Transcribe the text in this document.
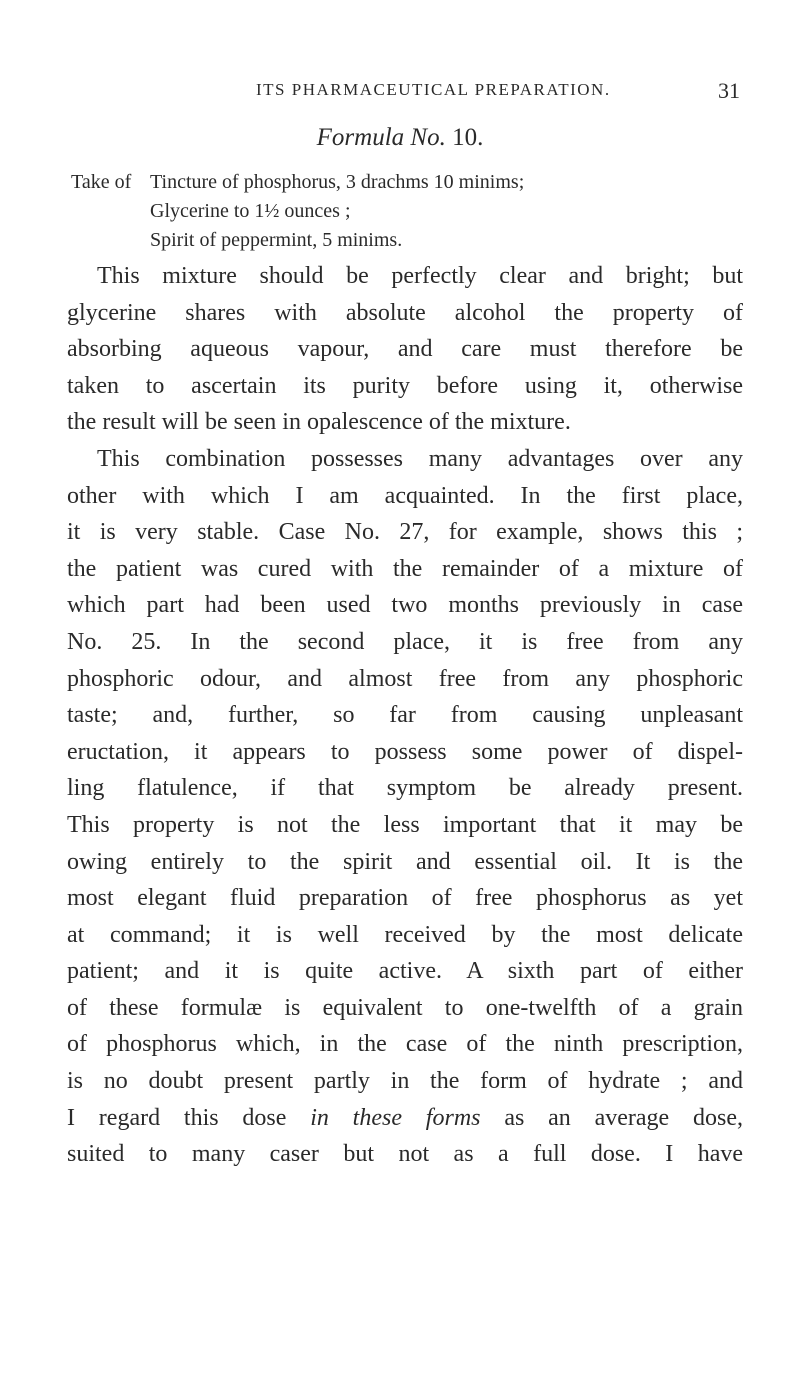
ITS PHARMACEUTICAL PREPARATION.	31
Formula No. 10.
Take of Tincture of phosphorus, 3 drachms 10 minims;
Glycerine to 1½ ounces ;
Spirit of peppermint, 5 minims.
This mixture should be perfectly clear and bright; but
glycerine shares with absolute alcohol the property of
absorbing aqueous vapour, and care must therefore be
taken to ascertain its purity before using it, otherwise
the result will be seen in opalescence of the mixture.
This combination possesses many advantages over any
other with which I am acquainted. In the first place,
it is very stable. Case No. 27, for example, shows this ;
the patient was cured with the remainder of a mixture of
which part had been used two months previously in case
No. 25. In the second place, it is free from any
phosphoric odour, and almost free from any phosphoric
taste; and, further, so far from causing unpleasant
eructation, it appears to possess some power of dispel-
ling flatulence, if that symptom be already present.
This property is not the less important that it may be
owing entirely to the spirit and essential oil. It is the
most elegant fluid preparation of free phosphorus as yet
at command; it is well received by the most delicate
patient; and it is quite active. A sixth part of either
of these formulæ is equivalent to one-twelfth of a grain
of phosphorus which, in the case of the ninth prescription,
is no doubt present partly in the form of hydrate ; and
I regard this dose in these forms as an average dose,
suited to many caser but not as a full dose. I have
